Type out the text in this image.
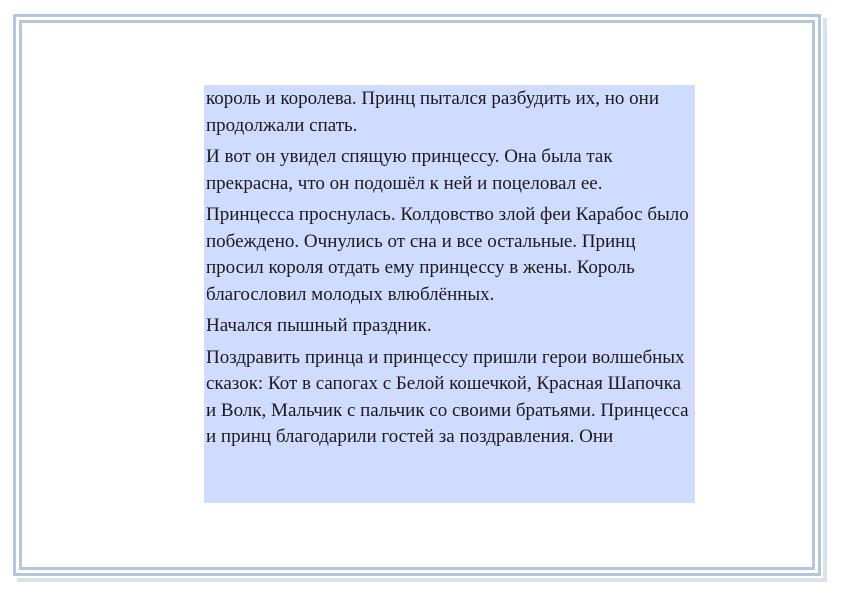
король и королева. Принц пытался разбудить их, но они продолжали спать.

И вот он увидел спящую принцессу. Она была так прекрасна, что он подошёл к ней и поцеловал ее.

Принцесса проснулась. Колдовство злой феи Карабос было побеждено. Очнулись от сна и все остальные. Принц просил короля отдать ему принцессу в жены. Король благословил молодых влюблённых.

Начался пышный праздник.

Поздравить принца и принцессу пришли герои волшебных сказок: Кот в сапогах с Белой кошечкой, Красная Шапочка и Волк, Мальчик с пальчик со своими братьями. Принцесса и принц благодарили гостей за поздравления. Они
